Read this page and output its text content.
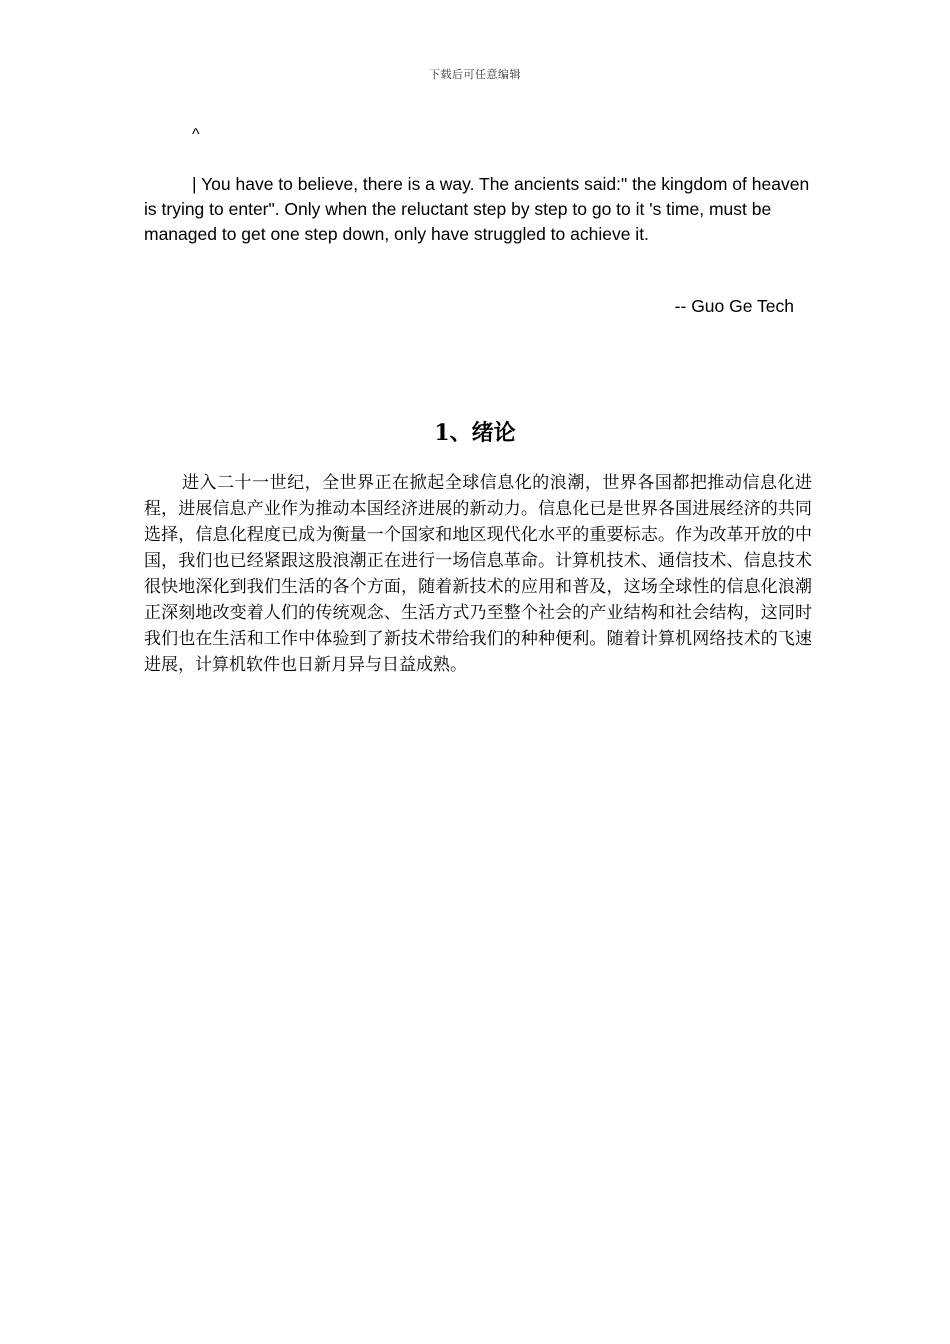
下载后可任意编辑
^

| You have to believe, there is a way. The ancients said:" the kingdom of heaven is trying to enter". Only when the reluctant step by step to go to it 's time, must be managed to get one step down, only have struggled to achieve it.

-- Guo Ge Tech
1、绪论

进入二十一世纪，全世界正在掀起全球信息化的浪潮，世界各国都把推动信息化进程，进展信息产业作为推动本国经济进展的新动力。信息化已是世界各国进展经济的共同选择，信息化程度已成为衡量一个国家和地区现代化水平的重要标志。作为改革开放的中国，我们也已经紧跟这股浪潮正在进行一场信息革命。计算机技术、通信技术、信息技术很快地深化到我们生活的各个方面，随着新技术的应用和普及，这场全球性的信息化浪潮正深刻地改变着人们的传统观念、生活方式乃至整个社会的产业结构和社会结构，这同时我们也在生活和工作中体验到了新技术带给我们的种种便利。随着计算机网络技术的飞速进展，计算机软件也日新月异与日益成熟。
